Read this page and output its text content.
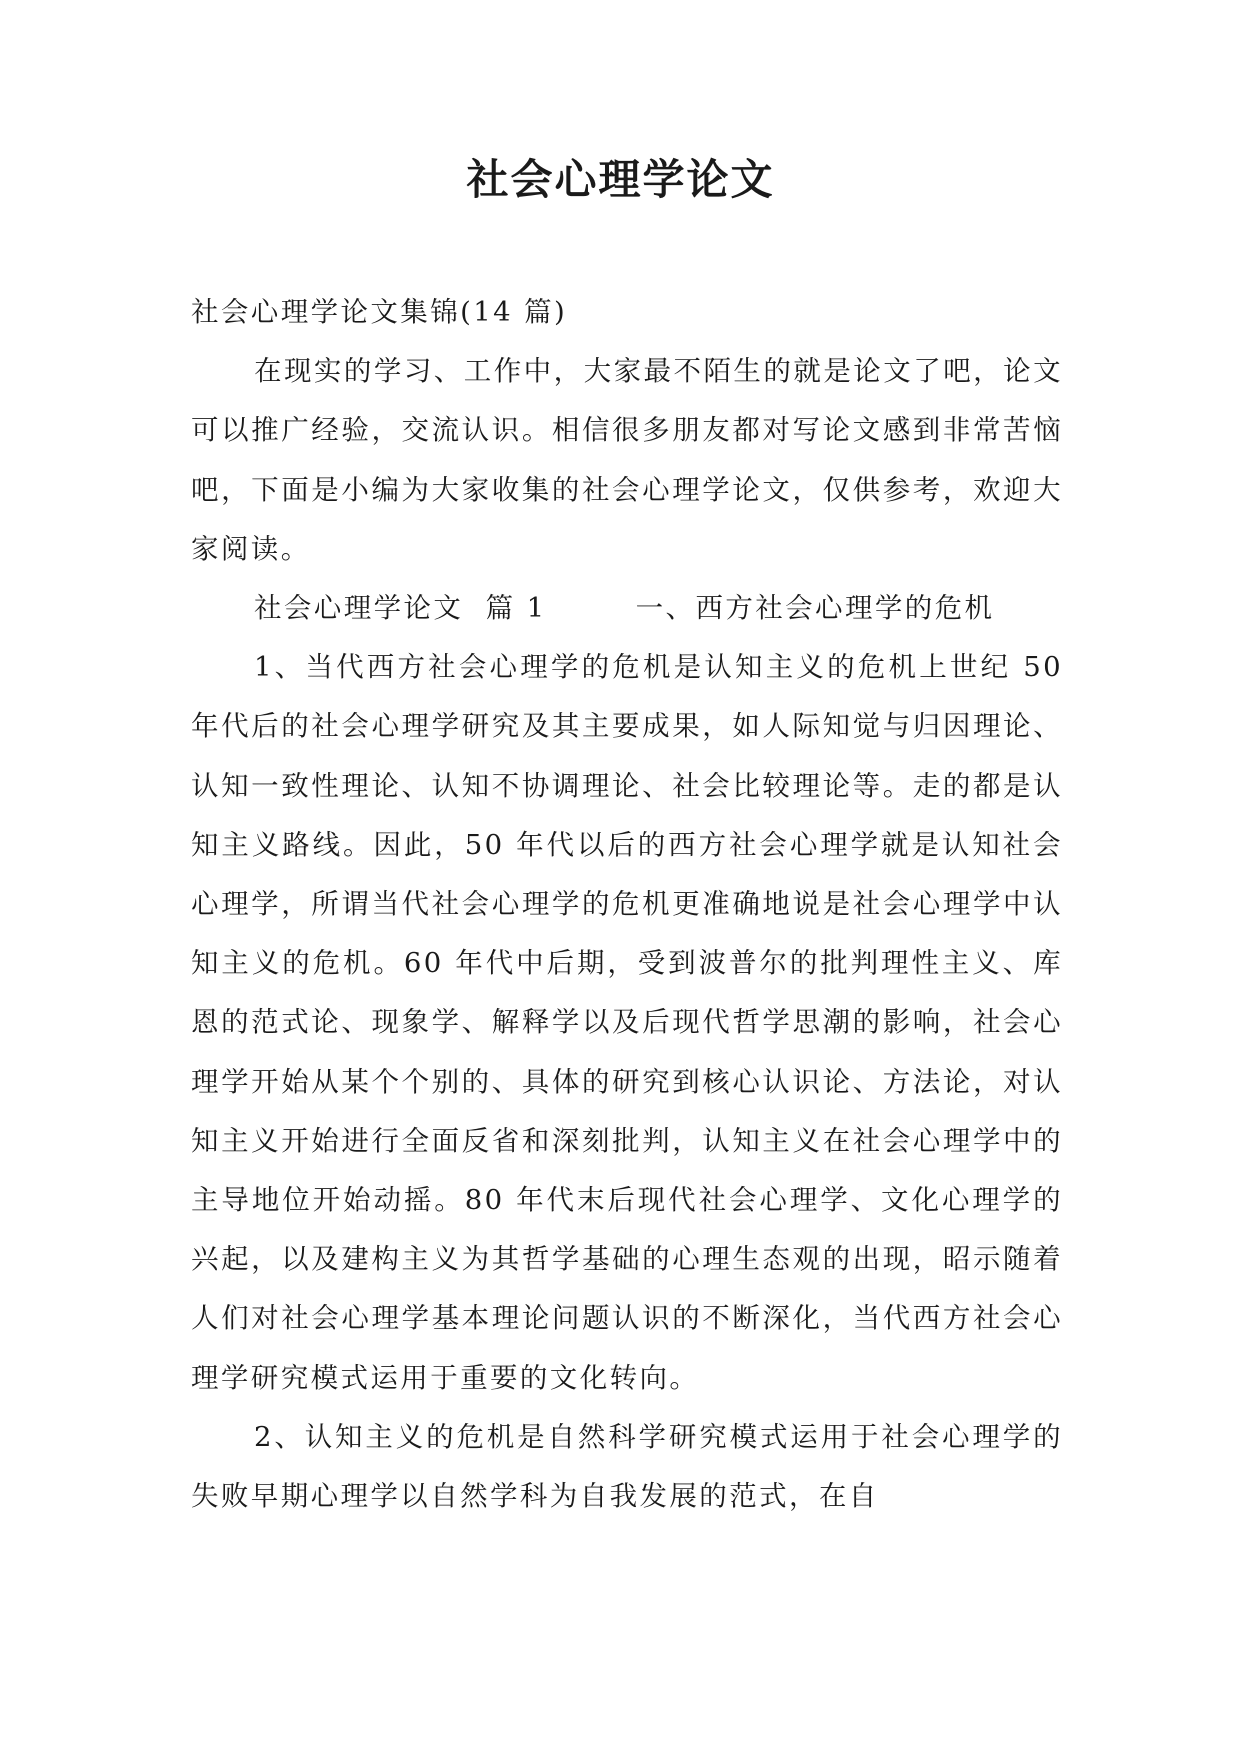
社会心理学论文

社会心理学论文集锦(14 篇)

在现实的学习、工作中，大家最不陌生的就是论文了吧，论文可以推广经验，交流认识。相信很多朋友都对写论文感到非常苦恼吧，下面是小编为大家收集的社会心理学论文，仅供参考，欢迎大家阅读。

社会心理学论文  篇 1        一、西方社会心理学的危机

1、当代西方社会心理学的危机是认知主义的危机上世纪 50 年代后的社会心理学研究及其主要成果，如人际知觉与归因理论、认知一致性理论、认知不协调理论、社会比较理论等。走的都是认知主义路线。因此，50 年代以后的西方社会心理学就是认知社会心理学，所谓当代社会心理学的危机更准确地说是社会心理学中认知主义的危机。60 年代中后期，受到波普尔的批判理性主义、库恩的范式论、现象学、解释学以及后现代哲学思潮的影响，社会心理学开始从某个个别的、具体的研究到核心认识论、方法论，对认知主义开始进行全面反省和深刻批判，认知主义在社会心理学中的主导地位开始动摇。80 年代末后现代社会心理学、文化心理学的兴起，以及建构主义为其哲学基础的心理生态观的出现，昭示随着人们对社会心理学基本理论问题认识的不断深化，当代西方社会心理学研究模式运用于重要的文化转向。

2、认知主义的危机是自然科学研究模式运用于社会心理学的失败早期心理学以自然学科为自我发展的范式，在自
